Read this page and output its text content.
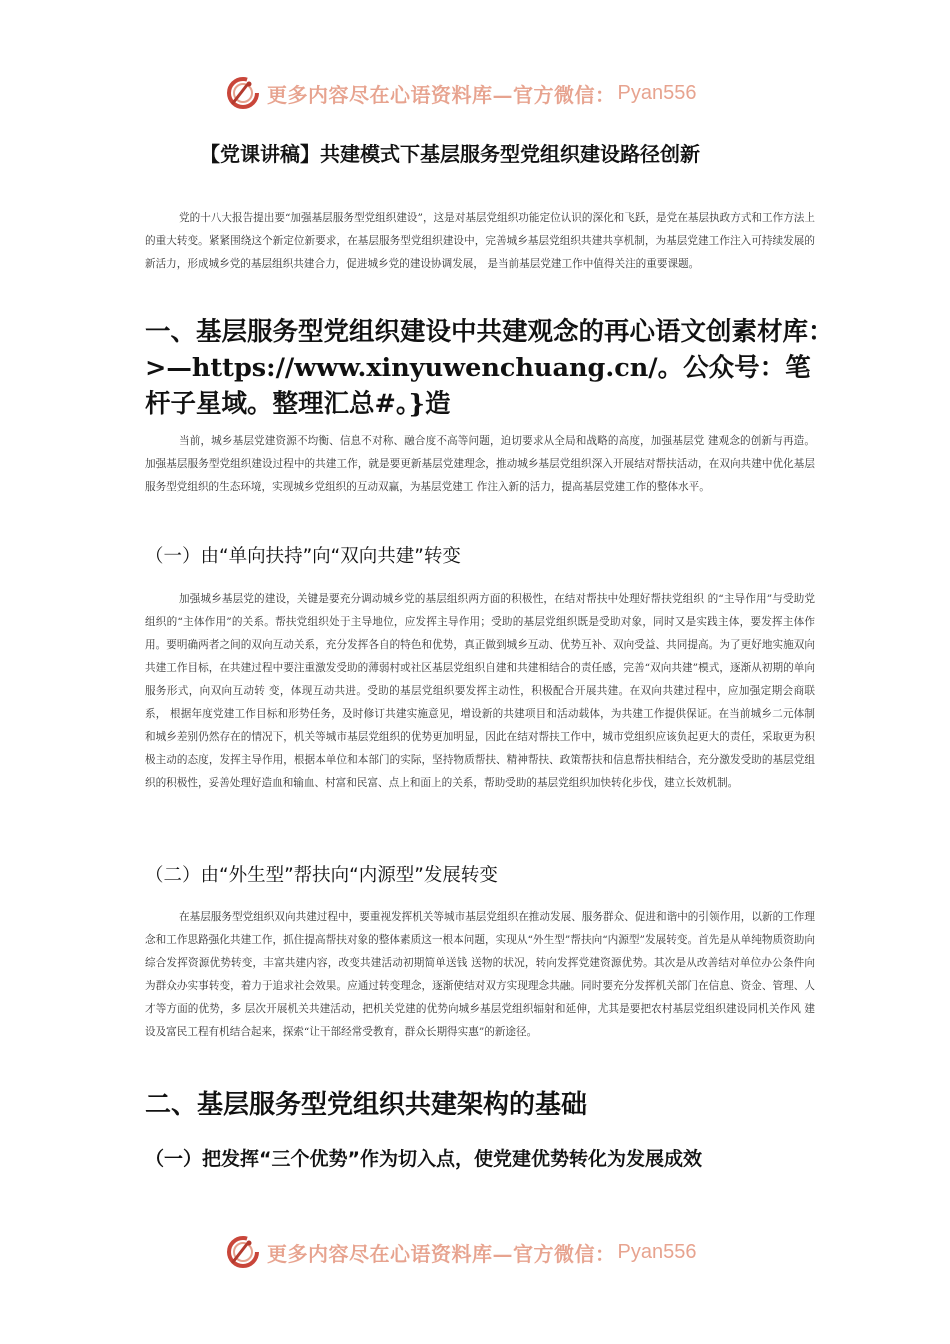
更多内容尽在心语资料库—官方微信： Pyan556
【党课讲稿】共建模式下基层服务型党组织建设路径创新

党的十八大报告提出要“加强基层服务型党组织建设”，这是对基层党组织功能定位认识的深化和飞跃，是党在基层执政方式和工作方法上的重大转变。紧紧围绕这个新定位新要求，在基层服务型党组织建设中，完善城乡基层党组织共建共享机制，为基层党建工作注入可持续发展的新活力，形成城乡党的基层组织共建合力，促进城乡党的建设协调发展， 是当前基层党建工作中值得关注的重要课题。

一、基层服务型党组织建设中共建观念的再心语文创素材库：>—https://www.xinyuwenchuang.cn/。公众号：笔杆子星域。整理汇总#。}造

当前，城乡基层党建资源不均衡、信息不对称、融合度不高等问题，迫切要求从全局和战略的高度，加强基层党 建观念的创新与再造。加强基层服务型党组织建设过程中的共建工作，就是要更新基层党建理念，推动城乡基层党组织深入开展结对帮扶活动，在双向共建中优化基层服务型党组织的生态环境，实现城乡党组织的互动双赢，为基层党建工 作注入新的活力，提高基层党建工作的整体水平。

（一）由“单向扶持”向“双向共建”转变

加强城乡基层党的建设，关键是要充分调动城乡党的基层组织两方面的积极性，在结对帮扶中处理好帮扶党组织 的“主导作用”与受助党组织的“主体作用”的关系。帮扶党组织处于主导地位，应发挥主导作用；受助的基层党组织既是受助对象，同时又是实践主体，要发挥主体作用。要明确两者之间的双向互动关系，充分发挥各自的特色和优势，真正做到城乡互动、优势互补、双向受益、共同提高。为了更好地实施双向共建工作目标，在共建过程中要注重激发受助的薄弱村或社区基层党组织自建和共建相结合的责任感，完善“双向共建”模式，逐渐从初期的单向服务形式，向双向互动转 变，体现互动共进。受助的基层党组织要发挥主动性，积极配合开展共建。在双向共建过程中，应加强定期会商联系， 根据年度党建工作目标和形势任务，及时修订共建实施意见，增设新的共建项目和活动载体，为共建工作提供保证。在当前城乡二元体制和城乡差别仍然存在的情况下，机关等城市基层党组织的优势更加明显，因此在结对帮扶工作中，城市党组织应该负起更大的责任，采取更为积极主动的态度，发挥主导作用，根据本单位和本部门的实际，坚持物质帮扶、精神帮扶、政策帮扶和信息帮扶相结合，充分激发受助的基层党组织的积极性，妥善处理好造血和输血、村富和民富、点上和面上的关系，帮助受助的基层党组织加快转化步伐，建立长效机制。

（二）由“外生型”帮扶向“内源型”发展转变

在基层服务型党组织双向共建过程中，要重视发挥机关等城市基层党组织在推动发展、服务群众、促进和谐中的引领作用，以新的工作理念和工作思路强化共建工作，抓住提高帮扶对象的整体素质这一根本问题，实现从“外生型”帮扶向“内源型”发展转变。首先是从单纯物质资助向综合发挥资源优势转变，丰富共建内容，改变共建活动初期简单送钱 送物的状况，转向发挥党建资源优势。其次是从改善结对单位办公条件向为群众办实事转变，着力于追求社会效果。应通过转变理念，逐渐使结对双方实现理念共融。同时要充分发挥机关部门在信息、资金、管理、人才等方面的优势，多 层次开展机关共建活动，把机关党建的优势向城乡基层党组织辐射和延伸，尤其是要把农村基层党组织建设同机关作风 建设及富民工程有机结合起来，探索“让干部经常受教育，群众长期得实惠”的新途径。

二、基层服务型党组织共建架构的基础
（一）把发挥“三个优势”作为切入点，使党建优势转化为发展成效
更多内容尽在心语资料库—官方微信： Pyan556
